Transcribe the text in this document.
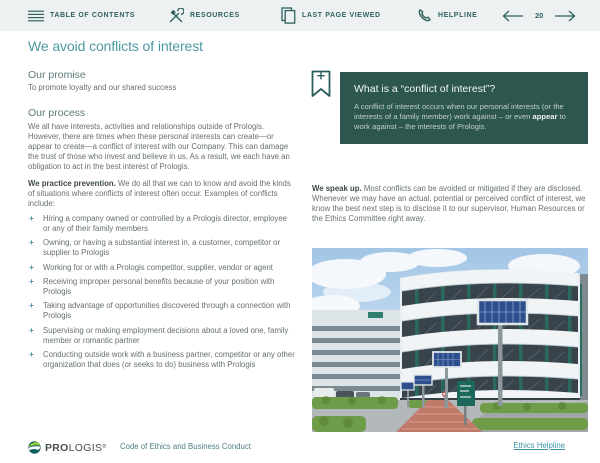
TABLE OF CONTENTS	RESOURCES	LAST PAGE VIEWED	HELPLINE	20
We avoid conflicts of interest
Our promise

To promote loyalty and our shared success

Our process

We all have interests, activities and relationships outside of Prologis. However, there are times when these personal interests can create—or appear to create—a conflict of interest with our Company. This can damage the trust of those who invest and believe in us. As a result, we each have an obligation to act in the best interest of Prologis.

We practice prevention. We do all that we can to know and avoid the kinds of situations where conflicts of interest often occur. Examples of conflicts include:

+ Hiring a company owned or controlled by a Prologis director, employee or any of their family members
+ Owning, or having a substantial interest in, a customer, competitor or supplier to Prologis
+ Working for or with a Prologis competitor, supplier, vendor or agent
+ Receiving improper personal benefits because of your position with Prologis
+ Taking advantage of opportunities discovered through a connection with Prologis
+ Supervising or making employment decisions about a loved one, family member or romantic partner
+ Conducting outside work with a business partner, competitor or any other organization that does (or seeks to do) business with Prologis
What is a “conflict of interest”?

A conflict of interest occurs when our personal interests (or the interests of a family member) work against – or even appear to work against – the interests of Prologis.

We speak up. Most conflicts can be avoided or mitigated if they are disclosed. Whenever we may have an actual, potential or perceived conflict of interest, we know the best next step is to disclose it to our supervisor, Human Resources or the Ethics Committee right away.

PROLOGIS® Code of Ethics and Business Conduct	Ethics Helpline
